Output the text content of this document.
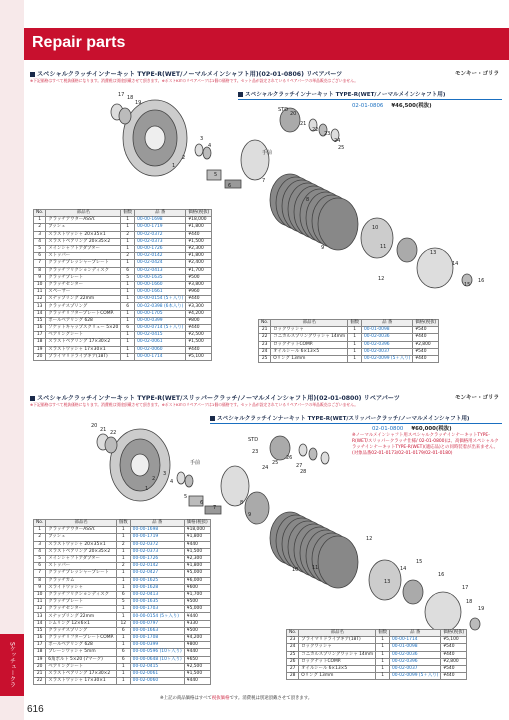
Sケッチュークラ
Repair parts
スペシャルクラッチインナーキット TYPE-R(WET/ノーマルメインシャフト用)(02-01-0806) リペアパーツ	モンキー・ゴリラ
※下記価格はすべて税抜価格になります。消費税は別途頂戴させて頂きます。※ポストKITのリペアパーツは1個の価格です。セット品が設定されているリペアパーツの単品販売はございません。
スペシャルクラッチインナーキット TYPE-R(WET/ノーマルメインシャフト用)
02-01-0806 ¥46,500(税抜)
17 18
19
1
2
3
4
5
6
手前
7
STD
20
21
22
23
24
25
8
9
10
11
12
13
14
15
16
No.	部品名	個数	品 番	価格(税抜)
1	クラッチアウターASSY.	1	00-00-1698	¥18,000
2	ブッシュ	1	00-00-1719	¥1,800
3	スラストワッシャ 20×35×1	2	00-02-0372	¥440
4	スラストベアリング 20×35×2	1	00-02-0373	¥1,500
5	メインシャフトアダプター	1	00-00-1726	¥2,300
6	ストッパー	2	00-02-0142	¥1,800
7	クラッチプレッシャープレート	1	00-02-0424	¥2,400
8	クラッチフリクションディスク	6	00-02-0413	¥1,700
9	クラッチプレート	5	00-00-1635	¥500
10	クラッチセンター	1	00-00-1660	¥3,800
11	スペーサー	1	00-00-1661	¥960
12	スナップリング 22mm	1	00-00-0154 (5ヶ入り)	¥440
13	クラッチスプリング	6	00-02-0398 (6本入り)	¥3,300
14	クラッチリフタープレートCOMP.	1	00-00-1705	¥4,200
15	ボールベアリング 628	1	00-00-0399	¥800
16	ソケットキャップスクリュー 5×20	6	00-00-0714 (5ヶ入り)	¥440
17	ベアリングシート	1	00-02-0415	¥2,500
18	スラストベアリング 17×30×2	1	00-02-0061	¥1,500
19	スラストワッシャ 17×30×1	1	00-02-0060	¥440
20	プライマリドライブギア(18T)	1	00-00-1714	¥5,100
No.	部品名	個数	品 番	価格(税抜)
21	ロックワッシャ	1	00-01-0098	¥540
22	コニカルスプリングワッシャ 14mm	1	00-02-0036	¥440
23	ロックナットCOMP.	1	00-02-0396	¥2,800
24	オイルシール 6×13×5	1	00-02-0037	¥540
25	Oリング 13mm	1	00-02-0099 (5ヶ入り)	¥440
スペシャルクラッチインナーキット TYPE-R(WET/スリッパークラッチ/ノーマルメインシャフト用)(02-01-0800) リペアパーツ	モンキー・ゴリラ
※下記価格はすべて税抜価格になります。消費税は別途頂戴させて頂きます。※ポストKITのリペアパーツは1個の価格です。セット品が設定されているリペアパーツの単品販売はございません。
スペシャルクラッチインナーキット TYPE-R(WET/スリッパークラッチ/ノーマルメインシャフト用)
02-01-0800 ¥60,000(税抜)
※ノーマルメインシャフト用スペシャルクラッチインナーキットTYPE-R(WET/スリッパークラッチ仕様/ 02-01-0800)は、高価格用スペシャルクラッチインナーキットTYPE-R(WET)(適応品)との同時装着が出来ません。(対象品番02-01-0173/02-01-0179/02-01-0180)
20
21 22
1
2
3
4
5
6
手前
7
STD
23
24
25
26
27
28
8
9
10	11
12
13
14
15
16
17
18
19
No.	部品名	個数	品 番	価格(税抜)
1	クラッチアウターASSY.	1	00-00-1698	¥18,000
2	ブッシュ	1	00-00-1719	¥1,800
3	スラストワッシャ 20×35×1	2	00-02-0372	¥440
4	スラストベアリング 20×35×2	1	00-02-0373	¥1,500
5	メインシャフトアダプター	1	00-00-1726	¥2,300
6	ストッパー	2	00-02-0142	¥1,800
7	クラッチプレッシャープレート	1	00-02-0427	¥5,000
8	クラッチカム	1	00-00-1625	¥6,000
9	スライドワッシャ	1	00-00-1628	¥600
10	クラッチフリクションディスク	6	00-02-0413	¥1,700
11	クラッチプレート	5	00-00-1635	¥500
12	クラッチセンター	1	00-00-1703	¥5,000
13	スナップリング 22mm	1	00-00-0154 (5ヶ入り)	¥440
14	シムリング 12×6×1	12	00-00-0797	¥330
15	クラッチスプリング	6	00-00-1663	¥500
16	クラッチリフタープレートCOMP.	1	00-00-1708	¥4,200
17	ボールベアリング 628	1	00-00-0399	¥800
18	プレーンワッシャ 5mm	6	00-00-0596 (10ヶ入り)	¥440
19	6角ボルト 5×20 (7マーク)	6	00-00-0648 (10ヶ入り)	¥650
20	ベアリングシート	1	00-02-0415	¥2,500
21	スラストベアリング 17×30×2	1	00-02-0061	¥1,500
22	スラストワッシャ 17×30×1	1	00-02-0060	¥440
No.	部品名	個数	品 番	価格(税抜)
23	プライマリドライブギア(18T)	1	00-00-1714	¥5,100
24	ロックワッシャ	1	00-01-0098	¥540
25	コニカルスプリングワッシャ 14mm	1	00-02-0036	¥440
26	ロックナットCOMP.	1	00-02-0396	¥2,800
27	オイルシール 6×13×5	1	00-02-0037	¥540
28	Oリング 13mm	1	00-02-0099 (5ヶ入り)	¥440
※上記の商品価格はすべて税抜価格です。消費税は別途頂戴させて頂きます。
616
